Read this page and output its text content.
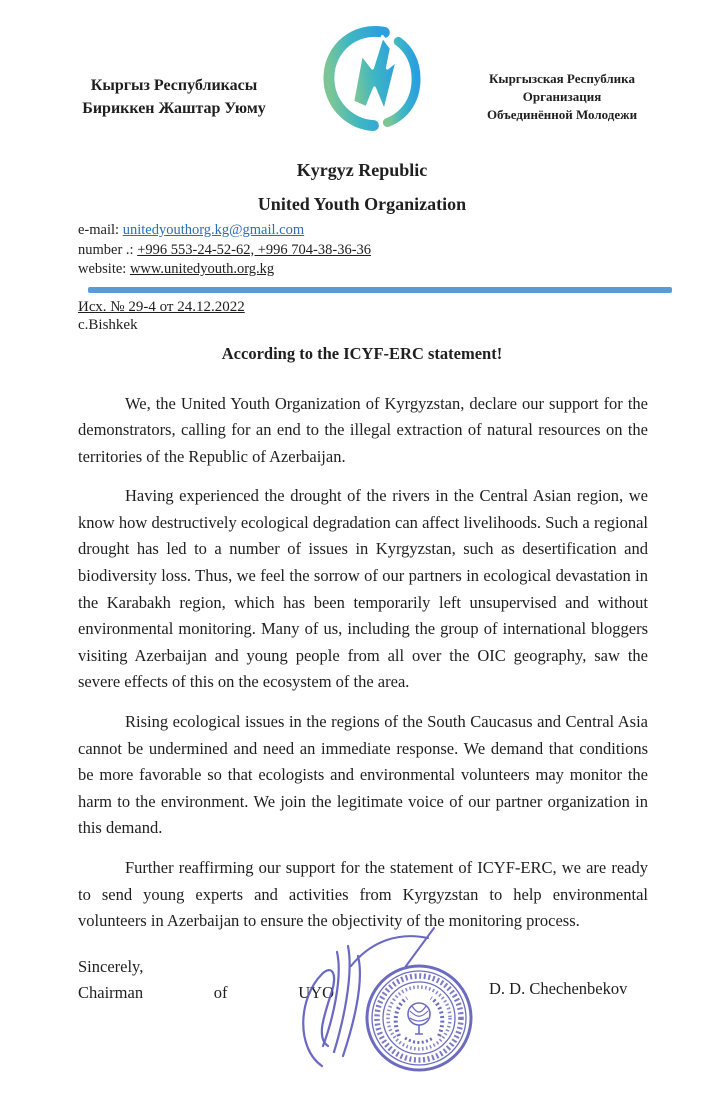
Кыргыз Республикасы
Бириккен Жаштар Уюму
Кыргызская Республика
Организация
Объединённой Молодежи
Kyrgyz Republic
United Youth Organization
e-mail: unitedyouthorg.kg@gmail.com
number .: +996 553-24-52-62, +996 704-38-36-36
website: www.unitedyouth.org.kg
Исх. № 29-4 от 24.12.2022
с.Bishkek
According to the ICYF-ERC statement!

We, the United Youth Organization of Kyrgyzstan, declare our support for the demonstrators, calling for an end to the illegal extraction of natural resources on the territories of the Republic of Azerbaijan.

Having experienced the drought of the rivers in the Central Asian region, we know how destructively ecological degradation can affect livelihoods. Such a regional drought has led to a number of issues in Kyrgyzstan, such as desertification and biodiversity loss. Thus, we feel the sorrow of our partners in ecological devastation in the Karabakh region, which has been temporarily left unsupervised and without environmental monitoring. Many of us, including the group of international bloggers visiting Azerbaijan and young people from all over the OIC geography, saw the severe effects of this on the ecosystem of the area.

Rising ecological issues in the regions of the South Caucasus and Central Asia cannot be undermined and need an immediate response. We demand that conditions be more favorable so that ecologists and environmental volunteers may monitor the harm to the environment. We join the legitimate voice of our partner organization in this demand.

Further reaffirming our support for the statement of ICYF-ERC, we are ready to send young experts and activities from Kyrgyzstan to help environmental volunteers in Azerbaijan to ensure the objectivity of the monitoring process.

Sincerely,
Chairman	of	UYO	D. D. Chechenbekov
